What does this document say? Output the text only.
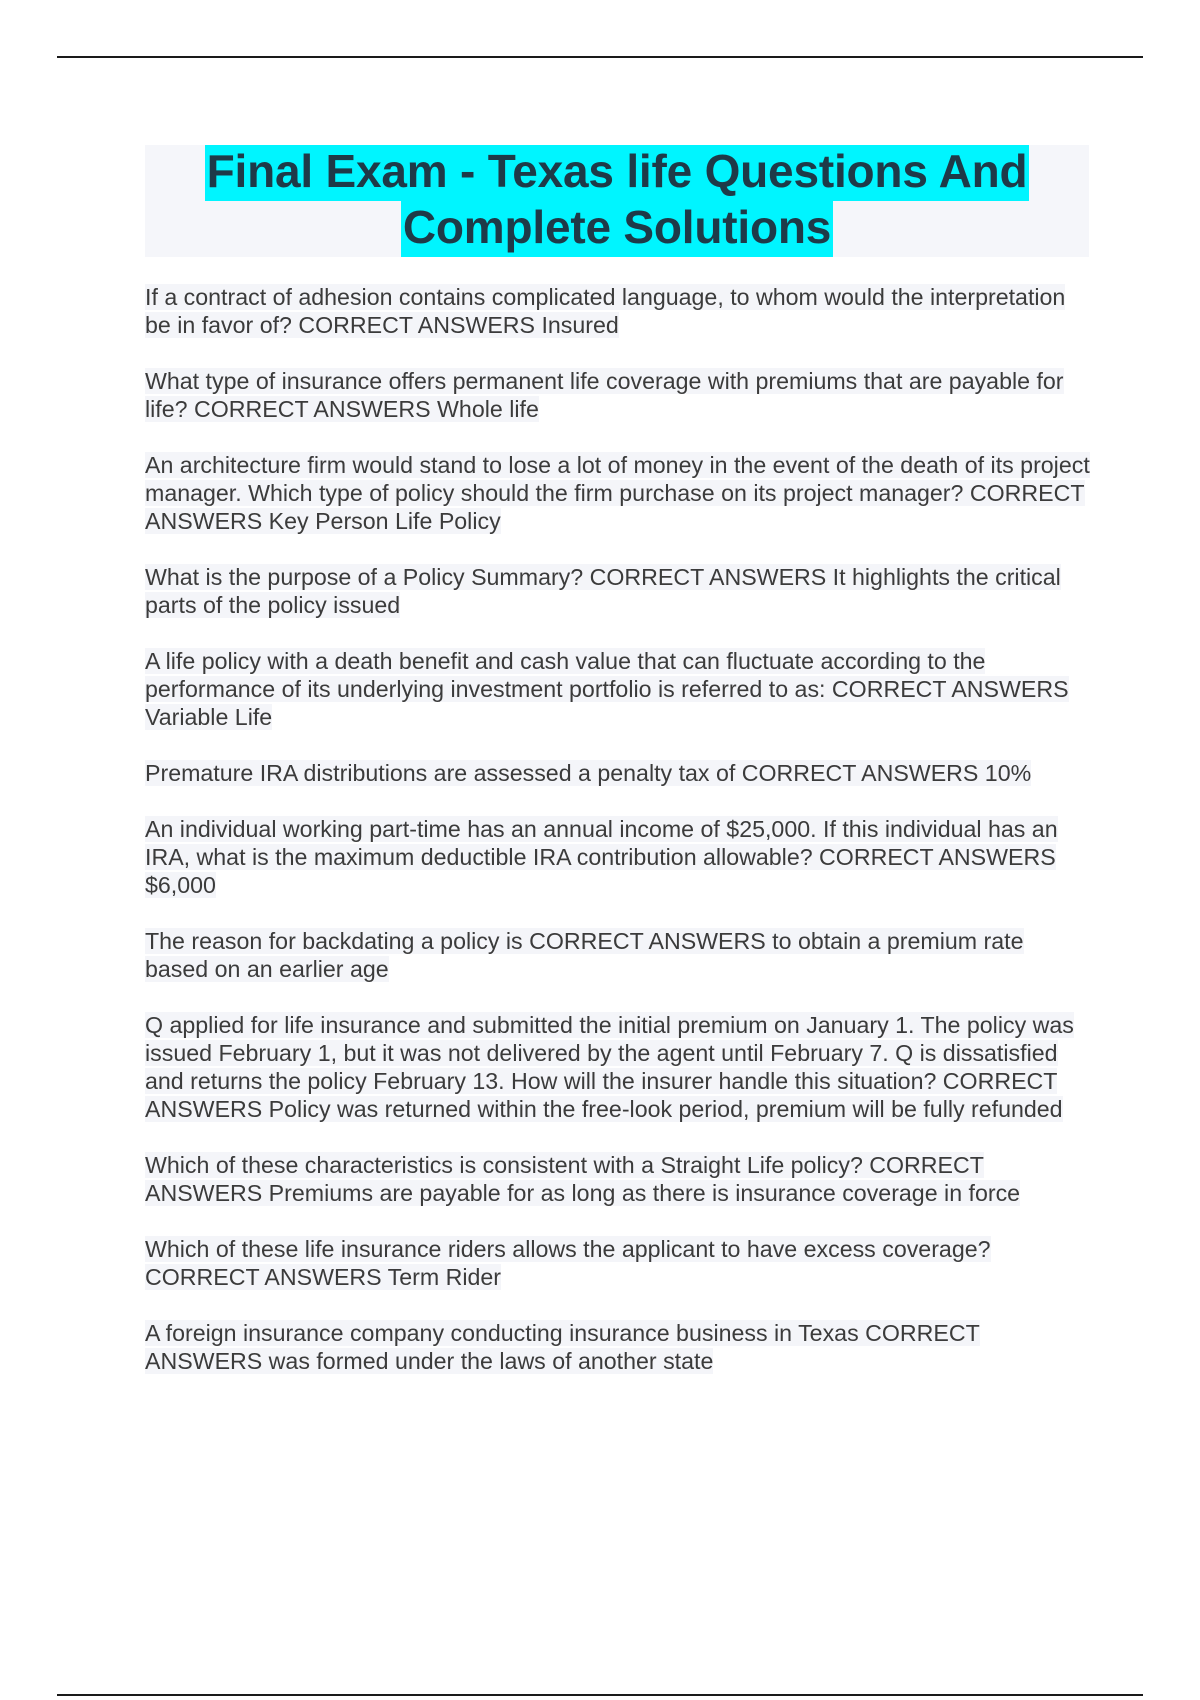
Final Exam - Texas life Questions And
Complete Solutions
If a contract of adhesion contains complicated language, to whom would the interpretation be in favor of? CORRECT ANSWERS Insured
What type of insurance offers permanent life coverage with premiums that are payable for life? CORRECT ANSWERS Whole life
An architecture firm would stand to lose a lot of money in the event of the death of its project manager. Which type of policy should the firm purchase on its project manager? CORRECT ANSWERS Key Person Life Policy
What is the purpose of a Policy Summary? CORRECT ANSWERS It highlights the critical parts of the policy issued
A life policy with a death benefit and cash value that can fluctuate according to the performance of its underlying investment portfolio is referred to as: CORRECT ANSWERS Variable Life
Premature IRA distributions are assessed a penalty tax of CORRECT ANSWERS 10%
An individual working part-time has an annual income of $25,000. If this individual has an IRA, what is the maximum deductible IRA contribution allowable? CORRECT ANSWERS $6,000
The reason for backdating a policy is CORRECT ANSWERS to obtain a premium rate based on an earlier age
Q applied for life insurance and submitted the initial premium on January 1. The policy was issued February 1, but it was not delivered by the agent until February 7. Q is dissatisfied and returns the policy February 13. How will the insurer handle this situation? CORRECT ANSWERS Policy was returned within the free-look period, premium will be fully refunded
Which of these characteristics is consistent with a Straight Life policy? CORRECT ANSWERS Premiums are payable for as long as there is insurance coverage in force
Which of these life insurance riders allows the applicant to have excess coverage? CORRECT ANSWERS Term Rider
A foreign insurance company conducting insurance business in Texas CORRECT ANSWERS was formed under the laws of another state
